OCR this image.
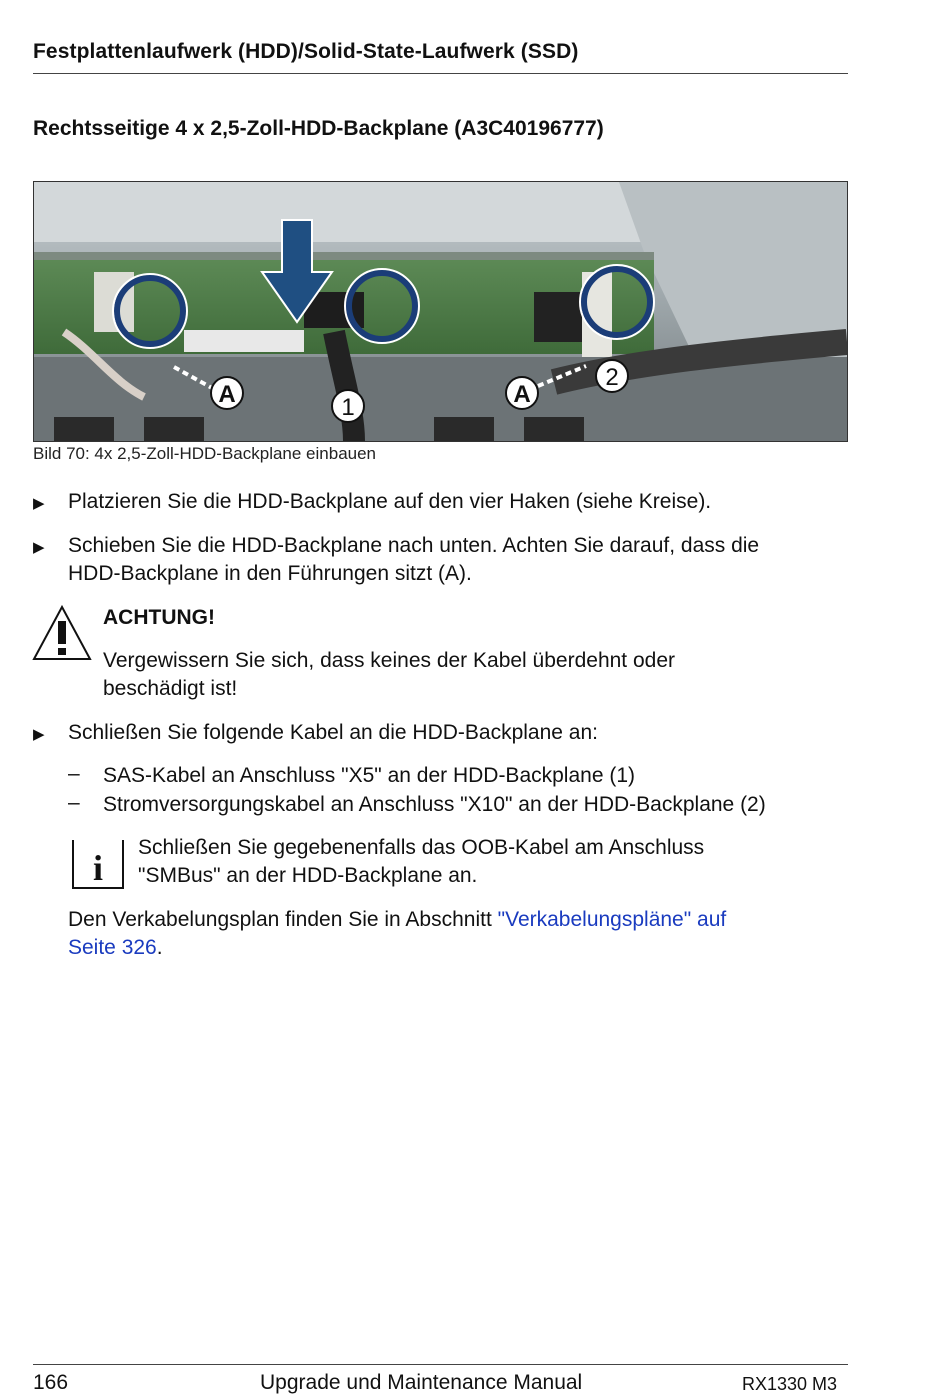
Festplattenlaufwerk (HDD)/Solid-State-Laufwerk (SSD)
Rechtsseitige 4 x 2,5-Zoll-HDD-Backplane (A3C40196777)
A	1	A
2
Bild 70: 4x 2,5-Zoll-HDD-Backplane einbauen
▶ Platzieren Sie die HDD-Backplane auf den vier Haken (siehe Kreise).
▶ Schieben Sie die HDD-Backplane nach unten. Achten Sie darauf, dass die
HDD-Backplane in den Führungen sitzt (A).
ACHTUNG!
Vergewissern Sie sich, dass keines der Kabel überdehnt oder
beschädigt ist!
▶ Schließen Sie folgende Kabel an die HDD-Backplane an:
– SAS-Kabel an Anschluss "X5" an der HDD-Backplane (1)
– Stromversorgungskabel an Anschluss "X10" an der HDD-Backplane (2)
i
Schließen Sie gegebenenfalls das OOB-Kabel am Anschluss
"SMBus" an der HDD-Backplane an.
Den Verkabelungsplan finden Sie in Abschnitt "Verkabelungspläne" auf
Seite 326.
166	Upgrade und Maintenance Manual	RX1330 M3
